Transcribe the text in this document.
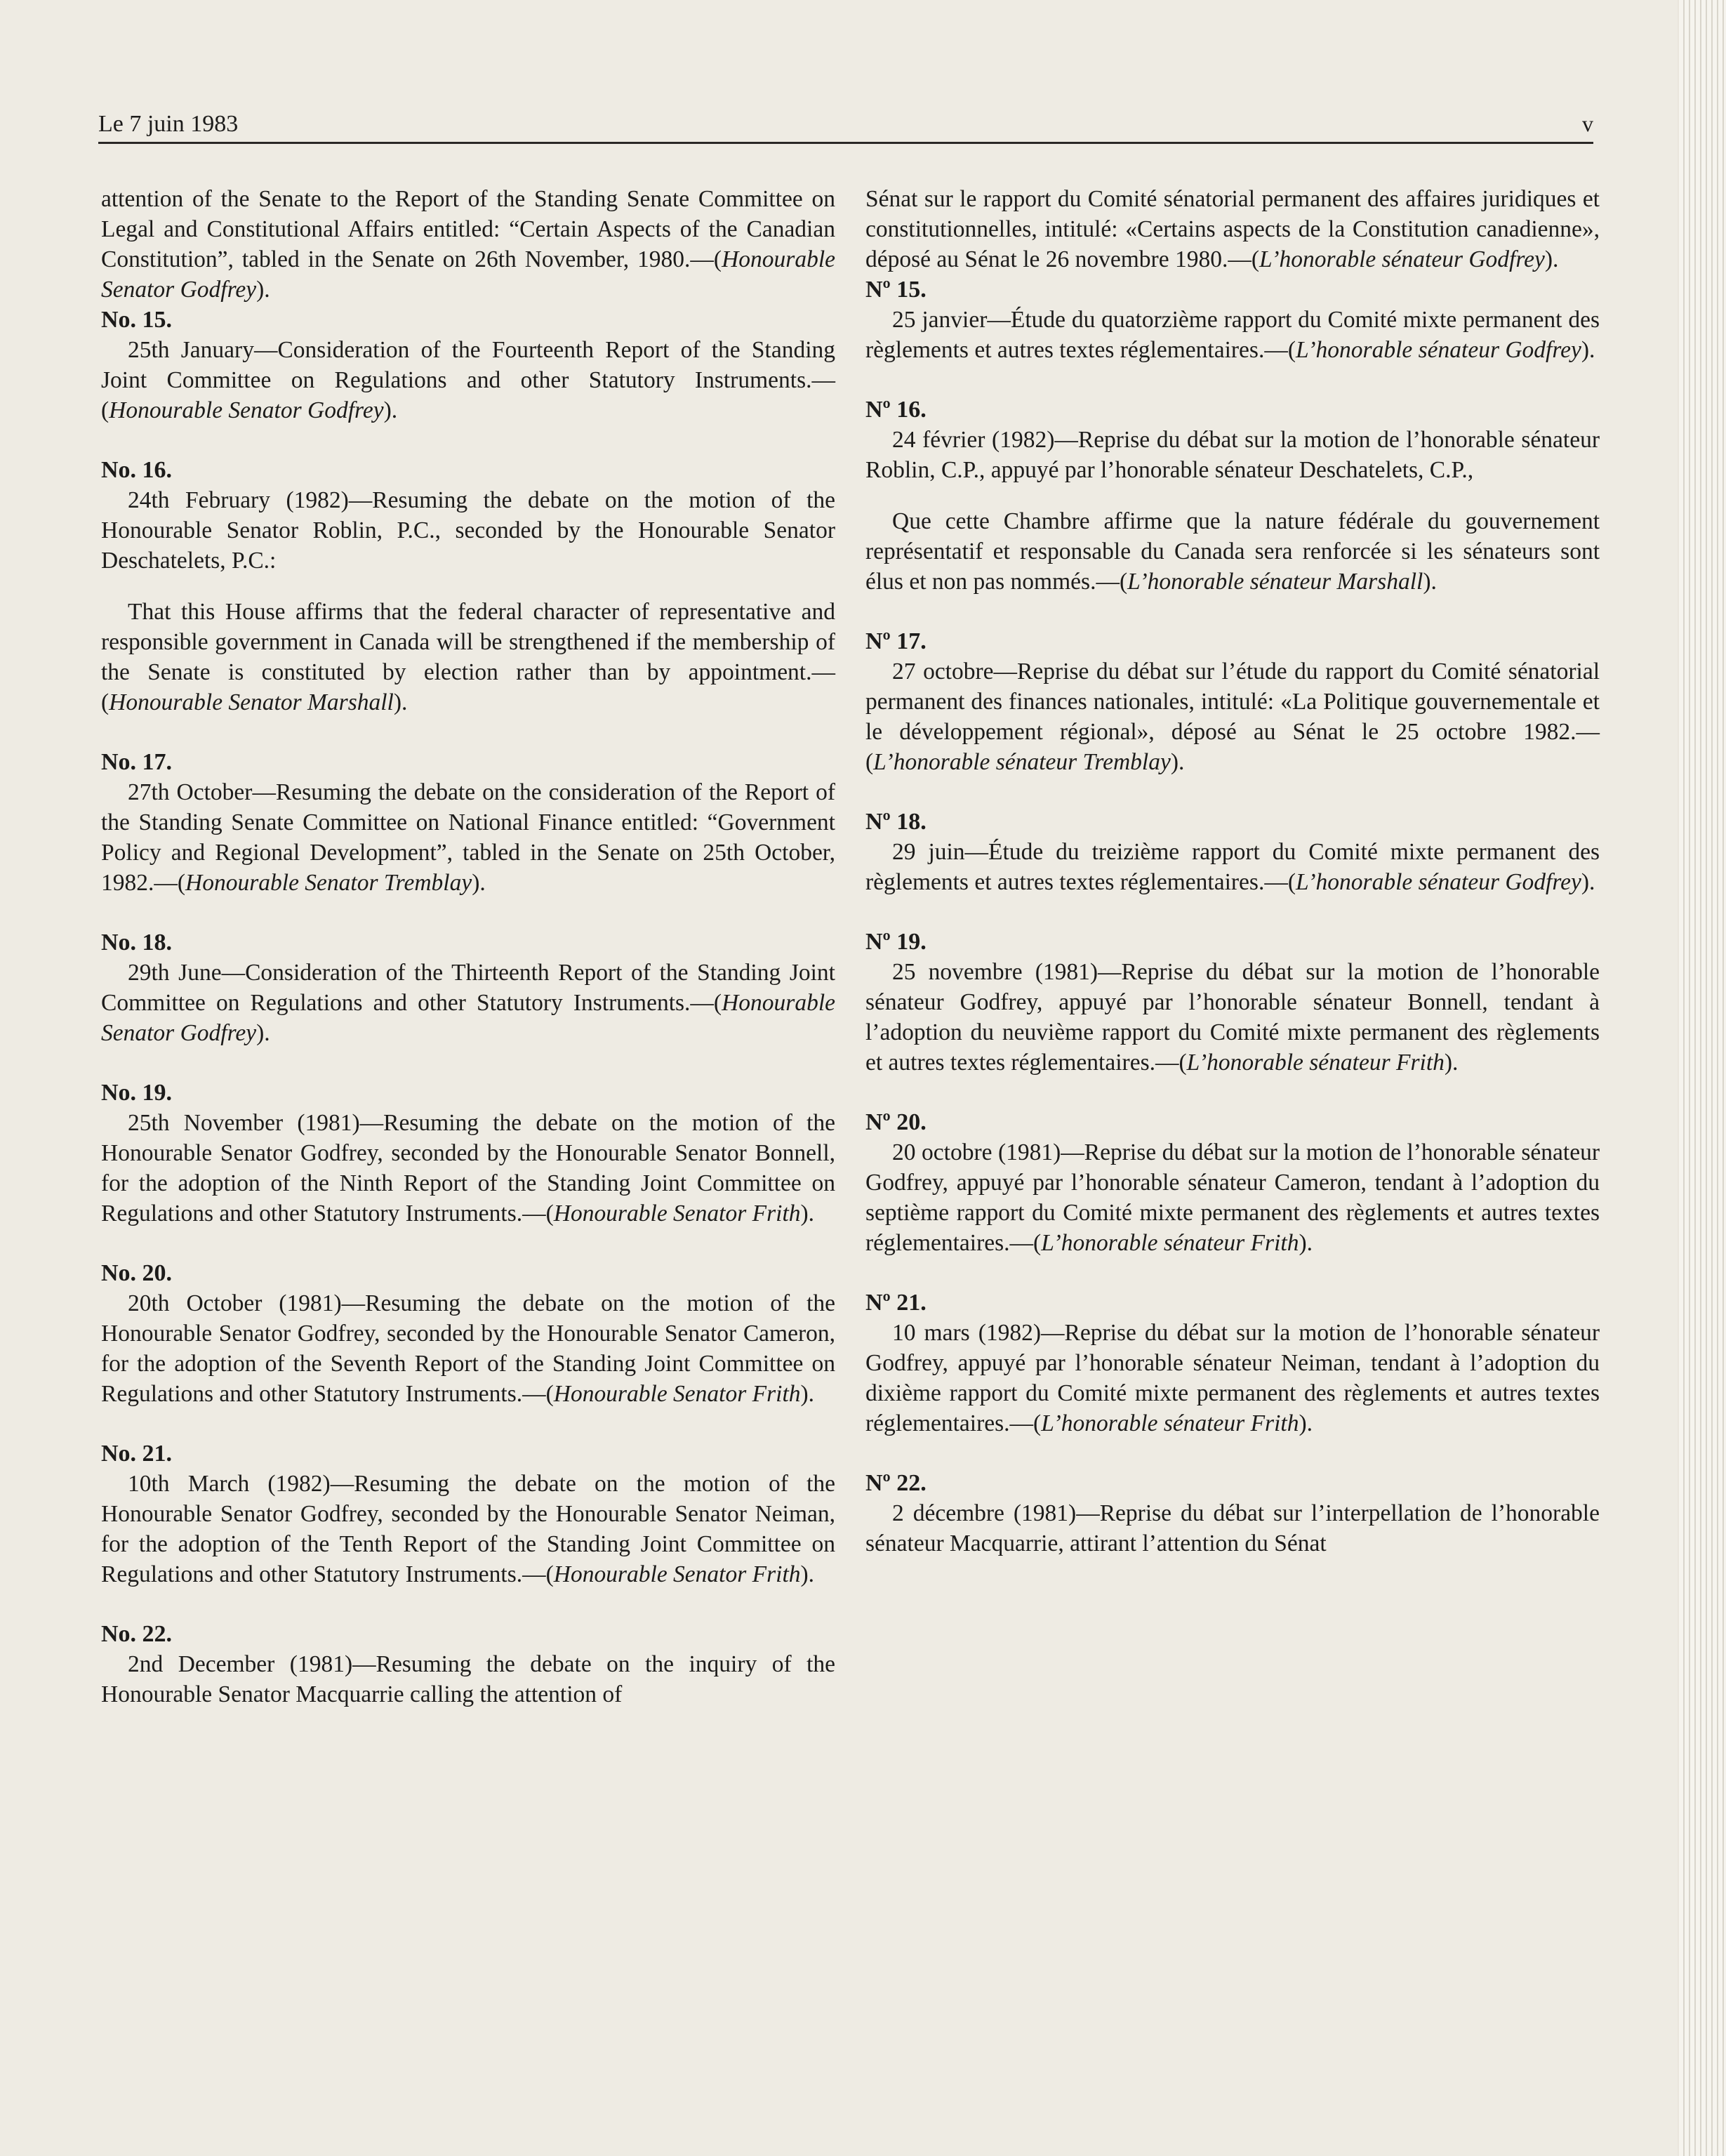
Le 7 juin 1983	v

attention of the Senate to the Report of the Standing Senate Committee on Legal and Constitutional Affairs entitled: “Certain Aspects of the Canadian Constitution”, tabled in the Senate on 26th November, 1980.—(Honourable Senator Godfrey).

No. 15.

25th January—Consideration of the Fourteenth Report of the Standing Joint Committee on Regulations and other Statutory Instruments.—(Honourable Senator Godfrey).

No. 16.

24th February (1982)—Resuming the debate on the motion of the Honourable Senator Roblin, P.C., seconded by the Honourable Senator Deschatelets, P.C.:

That this House affirms that the federal character of representative and responsible government in Canada will be strengthened if the membership of the Senate is constituted by election rather than by appointment.—(Honourable Senator Marshall).

No. 17.

27th October—Resuming the debate on the consideration of the Report of the Standing Senate Committee on National Finance entitled: “Government Policy and Regional Development”, tabled in the Senate on 25th October, 1982.—(Honourable Senator Tremblay).

No. 18.

29th June—Consideration of the Thirteenth Report of the Standing Joint Committee on Regulations and other Statutory Instruments.—(Honourable Senator Godfrey).

No. 19.

25th November (1981)—Resuming the debate on the motion of the Honourable Senator Godfrey, seconded by the Honourable Senator Bonnell, for the adoption of the Ninth Report of the Standing Joint Committee on Regulations and other Statutory Instruments.—(Honourable Senator Frith).

No. 20.

20th October (1981)—Resuming the debate on the motion of the Honourable Senator Godfrey, seconded by the Honourable Senator Cameron, for the adoption of the Seventh Report of the Standing Joint Committee on Regulations and other Statutory Instruments.—(Honourable Senator Frith).

No. 21.

10th March (1982)—Resuming the debate on the motion of the Honourable Senator Godfrey, seconded by the Honourable Senator Neiman, for the adoption of the Tenth Report of the Standing Joint Committee on Regulations and other Statutory Instruments.—(Honourable Senator Frith).

No. 22.

2nd December (1981)—Resuming the debate on the inquiry of the Honourable Senator Macquarrie calling the attention of

Sénat sur le rapport du Comité sénatorial permanent des affaires juridiques et constitutionnelles, intitulé: «Certains aspects de la Constitution canadienne», déposé au Sénat le 26 novembre 1980.—(L’honorable sénateur Godfrey).

Nº 15.

25 janvier—Étude du quatorzième rapport du Comité mixte permanent des règlements et autres textes réglementaires.—(L’honorable sénateur Godfrey).

Nº 16.

24 février (1982)—Reprise du débat sur la motion de l’honorable sénateur Roblin, C.P., appuyé par l’honorable sénateur Deschatelets, C.P.,

Que cette Chambre affirme que la nature fédérale du gouvernement représentatif et responsable du Canada sera renforcée si les sénateurs sont élus et non pas nommés.—(L’honorable sénateur Marshall).

Nº 17.

27 octobre—Reprise du débat sur l’étude du rapport du Comité sénatorial permanent des finances nationales, intitulé: «La Politique gouvernementale et le développement régional», déposé au Sénat le 25 octobre 1982.—(L’honorable sénateur Tremblay).

Nº 18.

29 juin—Étude du treizième rapport du Comité mixte permanent des règlements et autres textes réglementaires.—(L’honorable sénateur Godfrey).

Nº 19.

25 novembre (1981)—Reprise du débat sur la motion de l’honorable sénateur Godfrey, appuyé par l’honorable sénateur Bonnell, tendant à l’adoption du neuvième rapport du Comité mixte permanent des règlements et autres textes réglementaires.—(L’honorable sénateur Frith).

Nº 20.

20 octobre (1981)—Reprise du débat sur la motion de l’honorable sénateur Godfrey, appuyé par l’honorable sénateur Cameron, tendant à l’adoption du septième rapport du Comité mixte permanent des règlements et autres textes réglementaires.—(L’honorable sénateur Frith).

Nº 21.

10 mars (1982)—Reprise du débat sur la motion de l’honorable sénateur Godfrey, appuyé par l’honorable sénateur Neiman, tendant à l’adoption du dixième rapport du Comité mixte permanent des règlements et autres textes réglementaires.—(L’honorable sénateur Frith).

Nº 22.

2 décembre (1981)—Reprise du débat sur l’interpellation de l’honorable sénateur Macquarrie, attirant l’attention du Sénat
